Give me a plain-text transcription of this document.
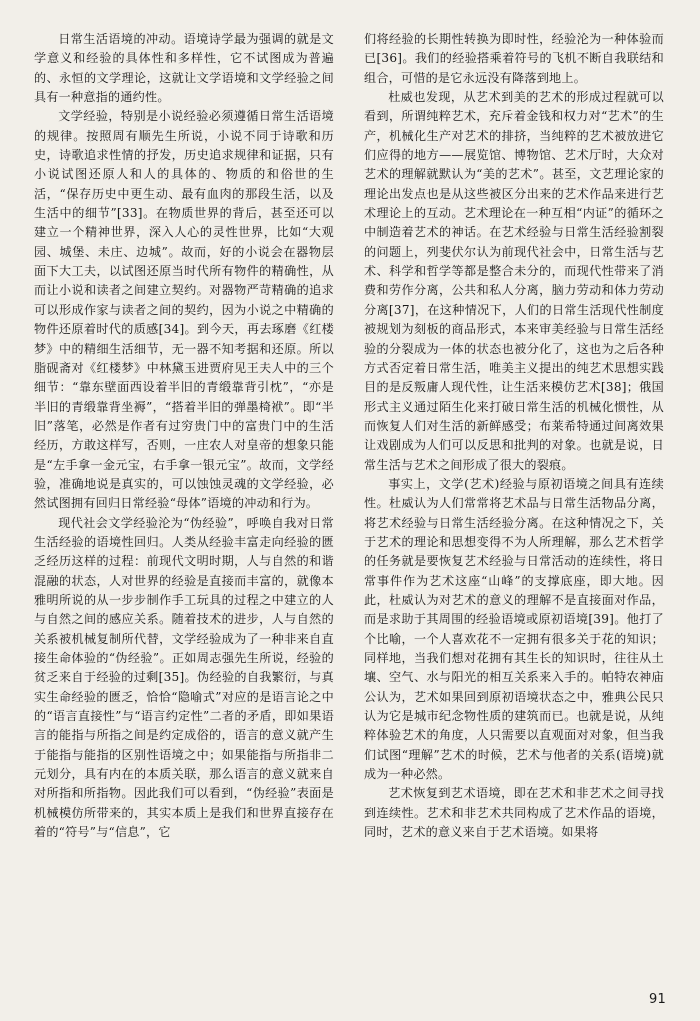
日常生活语境的冲动。语境诗学最为强调的就是文学意义和经验的具体性和多样性，它不试图成为普遍的、永恒的文学理论，这就让文学语境和文学经验之间具有一种意指的通约性。

文学经验，特别是小说经验必须遵循日常生活语境的规律。按照周有顺先生所说，小说不同于诗歌和历史，诗歌追求性情的抒发，历史追求规律和证据，只有小说试图还原人和人的具体的、物质的和俗世的生活，“保存历史中更生动、最有血肉的那段生活，以及生活中的细节”[33]。在物质世界的背后，甚至还可以建立一个精神世界，深入人心的灵性世界，比如“大观园、城堡、未庄、边城”。故而，好的小说会在器物层面下大工夫，以试图还原当时代所有物件的精确性，从而让小说和读者之间建立契约。对器物严苛精确的追求可以形成作家与读者之间的契约，因为小说之中精确的物件还原着时代的质感[34]。到今天，再去琢磨《红楼梦》中的精细生活细节，无一器不知考据和还原。所以脂砚斋对《红楼梦》中林黛玉进贾府见王夫人中的三个细节：“靠东壁面西设着半旧的青缎靠背引枕”，“亦是半旧的青缎靠背坐褥”，“搭着半旧的弹墨椅袱”。即“半旧”落笔，必然是作者有过穷贵门中的富贵门中的生活经历，方敢这样写，否则，一庄农人对皇帝的想象只能是“左手拿一金元宝，右手拿一银元宝”。故而，文学经验，准确地说是真实的，可以蚀蚀灵魂的文学经验，必然试图拥有回归日常经验“母体”语境的冲动和行为。

现代社会文学经验沦为“伪经验”，呼唤自我对日常生活经验的语境性回归。人类从经验丰富走向经验的匮乏经历这样的过程：前现代文明时期，人与自然的和谐混融的状态，人对世界的经验是直接而丰富的，就像本雅明所说的从一步步制作手工玩具的过程之中建立的人与自然之间的感应关系。随着技术的进步，人与自然的关系被机械复制所代替，文学经验成为了一种非来自直接生命体验的“伪经验”。正如周志强先生所说，经验的贫乏来自于经验的过剩[35]。伪经验的自我繁衍，与真实生命经验的匮乏，恰恰“隐喻式”对应的是语言论之中的“语言直接性”与“语言约定性”二者的矛盾，即如果语言的能指与所指之间是约定成俗的，语言的意义就产生于能指与能指的区别性语境之中；如果能指与所指非二元划分，具有内在的本质关联，那么语言的意义就来自对所指和所指物。因此我们可以看到，“伪经验”表面是机械模仿所带来的，其实本质上是我们和世界直接存在着的“符号”与“信息”，它

们将经验的长期性转换为即时性，经验沦为一种体验而已[36]。我们的经验搭乘着符号的飞机不断自我联结和组合，可惜的是它永远没有降落到地上。

杜威也发现，从艺术到美的艺术的形成过程就可以看到，所谓纯粹艺术，充斥着金钱和权力对“艺术”的生产，机械化生产对艺术的排挤，当纯粹的艺术被放进它们应得的地方——展览馆、博物馆、艺术厅时，大众对艺术的理解就默认为“美的艺术”。甚至，文艺理论家的理论出发点也是从这些被区分出来的艺术作品来进行艺术理论上的互动。艺术理论在一种互相“内证”的循环之中制造着艺术的神话。在艺术经验与日常生活经验割裂的问题上，列斐伏尔认为前现代社会中，日常生活与艺术、科学和哲学等都是整合未分的，而现代性带来了消费和劳作分离，公共和私人分离，脑力劳动和体力劳动分离[37]，在这种情况下，人们的日常生活现代性制度被规划为刻板的商品形式，本来审美经验与日常生活经验的分裂成为一体的状态也被分化了，这也为之后各种方式否定着日常生活，唯美主义提出的纯艺术思想实践目的是反叛庸人现代性，让生活来模仿艺术[38]；俄国形式主义通过陌生化来打破日常生活的机械化惯性，从而恢复人们对生活的新鲜感受；布莱希特通过间离效果让戏剧成为人们可以反思和批判的对象。也就是说，日常生活与艺术之间形成了很大的裂痕。

事实上，文学(艺术)经验与原初语境之间具有连续性。杜威认为人们常常将艺术品与日常生活物品分离，将艺术经验与日常生活经验分离。在这种情况之下，关于艺术的理论和思想变得不为人所理解，那么艺术哲学的任务就是要恢复艺术经验与日常活动的连续性，将日常事件作为艺术这座“山峰”的支撑底座，即大地。因此，杜威认为对艺术的意义的理解不是直接面对作品，而是求助于其周围的经验语境或原初语境[39]。他打了个比喻，一个人喜欢花不一定拥有很多关于花的知识；同样地，当我们想对花拥有其生长的知识时，往往从土壤、空气、水与阳光的相互关系来入手的。帕特农神庙公认为，艺术如果回到原初语境状态之中，雅典公民只认为它是城市纪念物性质的建筑而已。也就是说，从纯粹体验艺术的角度，人只需要以直观面对对象，但当我们试图“理解”艺术的时候，艺术与他者的关系(语境)就成为一种必然。

艺术恢复到艺术语境，即在艺术和非艺术之间寻找到连续性。艺术和非艺术共同构成了艺术作品的语境，同时，艺术的意义来自于艺术语境。如果将

91
